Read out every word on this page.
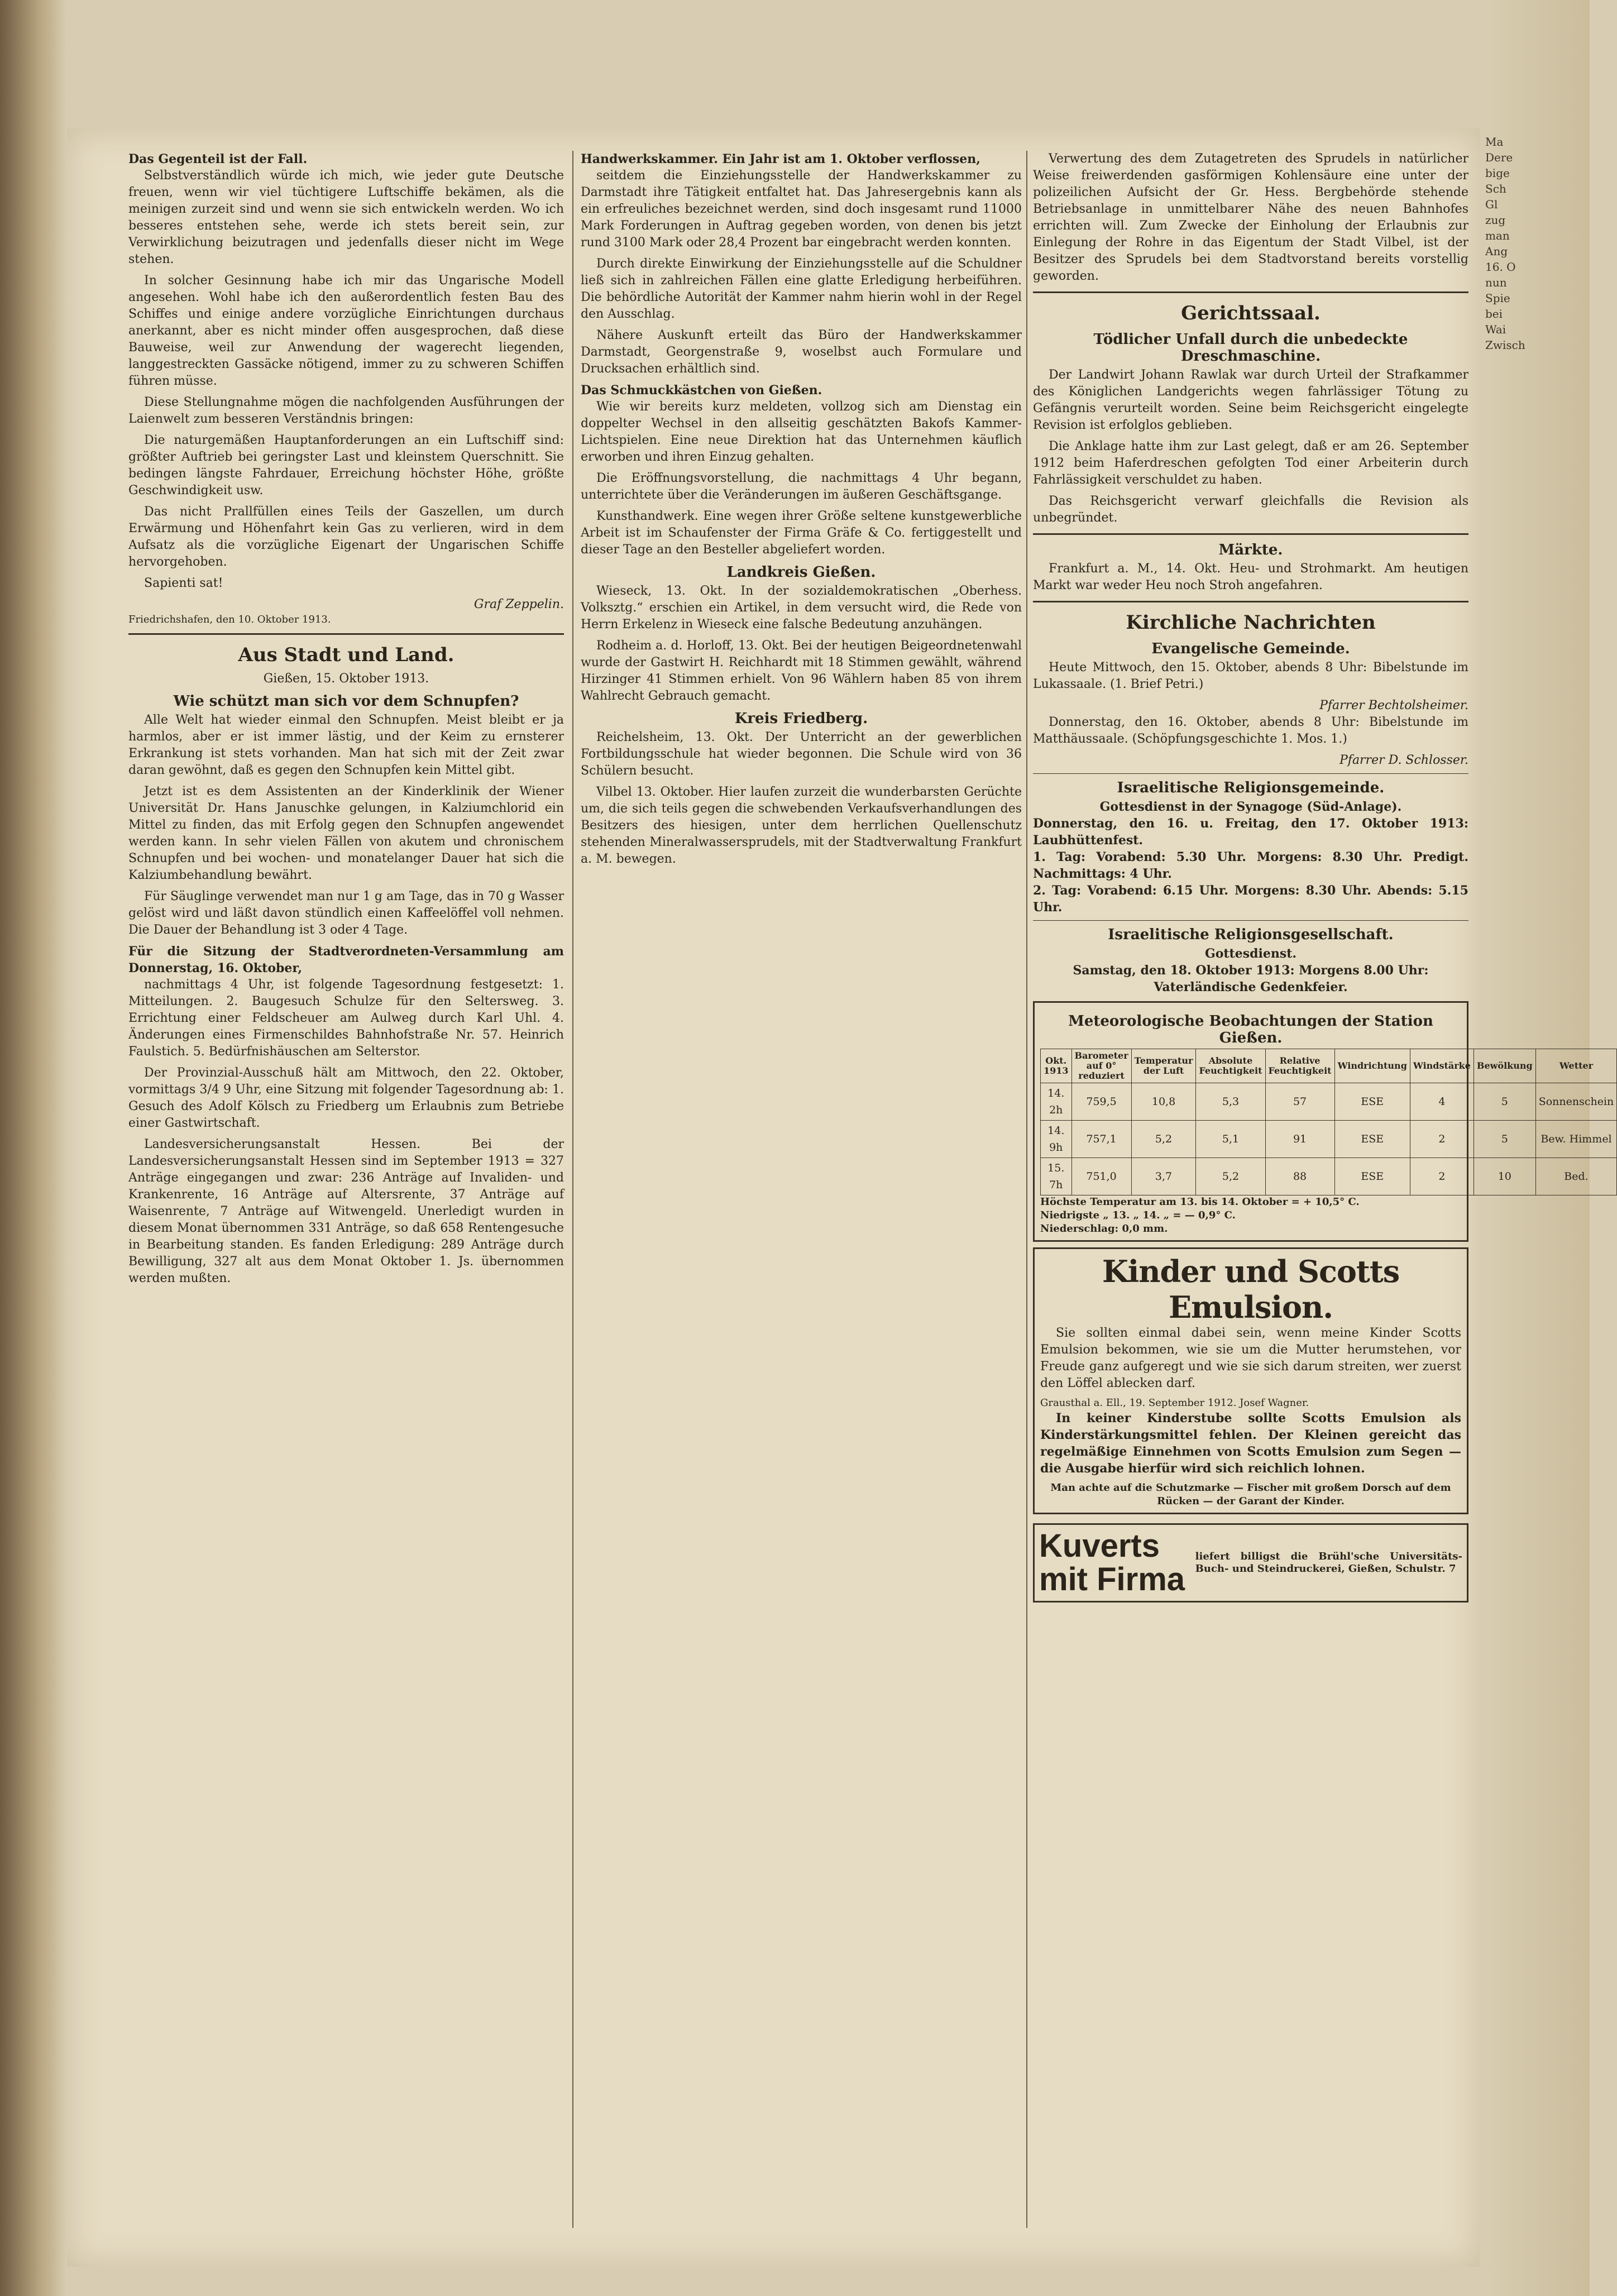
Das Gegenteil ist der Fall.

Selbstverständlich würde ich mich, wie jeder gute Deutsche freuen, wenn wir viel tüchtigere Luftschiffe bekämen, als die meinigen zurzeit sind und wenn sie sich entwickeln werden. Wo ich besseres entstehen sehe, werde ich stets bereit sein, zur Verwirklichung beizutragen und jedenfalls dieser nicht im Wege stehen.

In solcher Gesinnung habe ich mir das Ungarische Modell angesehen. Wohl habe ich den außerordentlich festen Bau des Schiffes und einige andere vorzügliche Einrichtungen durchaus anerkannt, aber es nicht minder offen ausgesprochen, daß diese Bauweise, weil zur Anwendung der wagerecht liegenden, langgestreckten Gassäcke nötigend, immer zu zu schweren Schiffen führen müsse.

Diese Stellungnahme mögen die nachfolgenden Ausführungen der Laienwelt zum besseren Verständnis bringen:

Die naturgemäßen Hauptanforderungen an ein Luftschiff sind: größter Auftrieb bei geringster Last und kleinstem Querschnitt. Sie bedingen längste Fahrdauer, Erreichung höchster Höhe, größte Geschwindigkeit usw.

Das nicht Prallfüllen eines Teils der Gaszellen, um durch Erwärmung und Höhenfahrt kein Gas zu verlieren, wird in dem Aufsatz als die vorzügliche Eigenart der Ungarischen Schiffe hervorgehoben.

Sapienti sat!

Graf Zeppelin.
Friedrichshafen, den 10. Oktober 1913.
Aus Stadt und Land.
Gießen, 15. Oktober 1913.
Wie schützt man sich vor dem Schnupfen?

Alle Welt hat wieder einmal den Schnupfen. Meist bleibt er ja harmlos, aber er ist immer lästig, und der Keim zu ernsterer Erkrankung ist stets vorhanden. Man hat sich mit der Zeit zwar daran gewöhnt, daß es gegen den Schnupfen kein Mittel gibt.

Jetzt ist es dem Assistenten an der Kinderklinik der Wiener Universität Dr. Hans Januschke gelungen, in Kalziumchlorid ein Mittel zu finden, das mit Erfolg gegen den Schnupfen angewendet werden kann. In sehr vielen Fällen von akutem und chronischem Schnupfen und bei wochen- und monatelanger Dauer hat sich die Kalziumbehandlung bewährt.

Für Säuglinge verwendet man nur 1 g am Tage, das in 70 g Wasser gelöst wird und läßt davon stündlich einen Kaffeelöffel voll nehmen. Die Dauer der Behandlung ist 3 oder 4 Tage.

Für die Sitzung der Stadtverordneten-Versammlung am Donnerstag, 16. Oktober,

nachmittags 4 Uhr, ist folgende Tagesordnung festgesetzt: 1. Mitteilungen. 2. Baugesuch Schulze für den Seltersweg. 3. Errichtung einer Feldscheuer am Aulweg durch Karl Uhl. 4. Änderungen eines Firmenschildes Bahnhofstraße Nr. 57. Heinrich Faulstich. 5. Bedürfnishäuschen am Selterstor.

Der Provinzial-Ausschuß hält am Mittwoch, den 22. Oktober, vormittags 3/4 9 Uhr, eine Sitzung mit folgender Tagesordnung ab: 1. Gesuch des Adolf Kölsch zu Friedberg um Erlaubnis zum Betriebe einer Gastwirtschaft.

Landesversicherungsanstalt Hessen. Bei der Landesversicherungsanstalt Hessen sind im September 1913 = 327 Anträge eingegangen und zwar: 236 Anträge auf Invaliden- und Krankenrente, 16 Anträge auf Altersrente, 37 Anträge auf Waisenrente, 7 Anträge auf Witwengeld. Unerledigt wurden in diesem Monat übernommen 331 Anträge, so daß 658 Rentengesuche in Bearbeitung standen. Es fanden Erledigung: 289 Anträge durch Bewilligung, 327 alt aus dem Monat Oktober 1. Js. übernommen werden mußten.

Handwerkskammer. Ein Jahr ist am 1. Oktober verflossen,

seitdem die Einziehungsstelle der Handwerkskammer zu Darmstadt ihre Tätigkeit entfaltet hat. Das Jahresergebnis kann als ein erfreuliches bezeichnet werden, sind doch insgesamt rund 11000 Mark Forderungen in Auftrag gegeben worden, von denen bis jetzt rund 3100 Mark oder 28,4 Prozent bar eingebracht werden konnten.

Durch direkte Einwirkung der Einziehungsstelle auf die Schuldner ließ sich in zahlreichen Fällen eine glatte Erledigung herbeiführen. Die behördliche Autorität der Kammer nahm hierin wohl in der Regel den Ausschlag.

Nähere Auskunft erteilt das Büro der Handwerkskammer Darmstadt, Georgenstraße 9, woselbst auch Formulare und Drucksachen erhältlich sind.

Das Schmuckkästchen von Gießen.

Wie wir bereits kurz meldeten, vollzog sich am Dienstag ein doppelter Wechsel in den allseitig geschätzten Bakofs Kammer-Lichtspielen. Eine neue Direktion hat das Unternehmen käuflich erworben und ihren Einzug gehalten.

Die Eröffnungsvorstellung, die nachmittags 4 Uhr begann, unterrichtete über die Veränderungen im äußeren Geschäftsgange.

Kunsthandwerk. Eine wegen ihrer Größe seltene kunstgewerbliche Arbeit ist im Schaufenster der Firma Gräfe & Co. fertiggestellt und dieser Tage an den Besteller abgeliefert worden.

Landkreis Gießen.

Wieseck, 13. Okt. In der sozialdemokratischen „Oberhess. Volksztg.“ erschien ein Artikel, in dem versucht wird, die Rede von Herrn Erkelenz in Wieseck eine falsche Bedeutung anzuhängen.

Rodheim a. d. Horloff, 13. Okt. Bei der heutigen Beigeordnetenwahl wurde der Gastwirt H. Reichhardt mit 18 Stimmen gewählt, während Hirzinger 41 Stimmen erhielt. Von 96 Wählern haben 85 von ihrem Wahlrecht Gebrauch gemacht.

Kreis Friedberg.

Reichelsheim, 13. Okt. Der Unterricht an der gewerblichen Fortbildungsschule hat wieder begonnen. Die Schule wird von 36 Schülern besucht.

Vilbel 13. Oktober. Hier laufen zurzeit die wunderbarsten Gerüchte um, die sich teils gegen die schwebenden Verkaufsverhandlungen des Besitzers des hiesigen, unter dem herrlichen Quellenschutz stehenden Mineralwassersprudels, mit der Stadtverwaltung Frankfurt a. M. bewegen.

Verwertung des dem Zutagetreten des Sprudels in natürlicher Weise freiwerdenden gasförmigen Kohlensäure eine unter der polizeilichen Aufsicht der Gr. Hess. Bergbehörde stehende Betriebsanlage in unmittelbarer Nähe des neuen Bahnhofes errichten will. Zum Zwecke der Einholung der Erlaubnis zur Einlegung der Rohre in das Eigentum der Stadt Vilbel, ist der Besitzer des Sprudels bei dem Stadtvorstand bereits vorstellig geworden.

Gerichtssaal.
Tödlicher Unfall durch die unbedeckte Dreschmaschine.

Der Landwirt Johann Rawlak war durch Urteil der Strafkammer des Königlichen Landgerichts wegen fahrlässiger Tötung zu Gefängnis verurteilt worden. Seine beim Reichsgericht eingelegte Revision ist erfolglos geblieben.

Die Anklage hatte ihm zur Last gelegt, daß er am 26. September 1912 beim Haferdreschen gefolgten Tod einer Arbeiterin durch Fahrlässigkeit verschuldet zu haben.

Das Reichsgericht verwarf gleichfalls die Revision als unbegründet.

Märkte.

Frankfurt a. M., 14. Okt. Heu- und Strohmarkt. Am heutigen Markt war weder Heu noch Stroh angefahren.

Kirchliche Nachrichten
Evangelische Gemeinde.

Heute Mittwoch, den 15. Oktober, abends 8 Uhr: Bibelstunde im Lukassaale. (1. Brief Petri.)

Pfarrer Bechtolsheimer.

Donnerstag, den 16. Oktober, abends 8 Uhr: Bibelstunde im Matthäussaale. (Schöpfungsgeschichte 1. Mos. 1.)

Pfarrer D. Schlosser.
Israelitische Religionsgemeinde.
Gottesdienst in der Synagoge (Süd-Anlage).
Donnerstag, den 16. u. Freitag, den 17. Oktober 1913: Laubhüttenfest.
1. Tag: Vorabend: 5.30 Uhr. Morgens: 8.30 Uhr. Predigt. Nachmittags: 4 Uhr.
2. Tag: Vorabend: 6.15 Uhr. Morgens: 8.30 Uhr. Abends: 5.15 Uhr.
Israelitische Religionsgesellschaft.
Gottesdienst.
Samstag, den 18. Oktober 1913: Morgens 8.00 Uhr: Vaterländische Gedenkfeier.
Meteorologische Beobachtungen der Station Gießen.
Okt. 1913	Barometer auf 0° reduziert	Temperatur der Luft	Absolute Feuchtigkeit	Relative Feuchtigkeit	Windrichtung	Windstärke	Bewölkung	Wetter
14. 2h	759,5	10,8	5,3	57	ESE	4	5	Sonnenschein
14. 9h	757,1	5,2	5,1	91	ESE	2	5	Bew. Himmel
15. 7h	751,0	3,7	5,2	88	ESE	2	10	Bed.
Höchste Temperatur am 13. bis 14. Oktober = + 10,5° C.
Niedrigste „ 13. „ 14. „ = — 0,9° C.
Niederschlag: 0,0 mm.
Kinder und Scotts Emulsion.

Sie sollten einmal dabei sein, wenn meine Kinder Scotts Emulsion bekommen, wie sie um die Mutter herumstehen, vor Freude ganz aufgeregt und wie sie sich darum streiten, wer zuerst den Löffel ablecken darf.

Grausthal a. Ell., 19. September 1912. Josef Wagner.

In keiner Kinderstube sollte Scotts Emulsion als Kinderstärkungsmittel fehlen. Der Kleinen gereicht das regelmäßige Einnehmen von Scotts Emulsion zum Segen — die Ausgabe hierfür wird sich reichlich lohnen.

Man achte auf die Schutzmarke — Fischer mit großem Dorsch auf dem Rücken — der Garant der Kinder.
Kuverts mit Firma
liefert billigst die Brühl'sche Universitäts-Buch- und Steindruckerei, Gießen, Schulstr. 7
Ma
Dere
bige
Sch
Gl
zug
man
Ang
16. O
nun
Spie
bei
Wai
Zwisch
